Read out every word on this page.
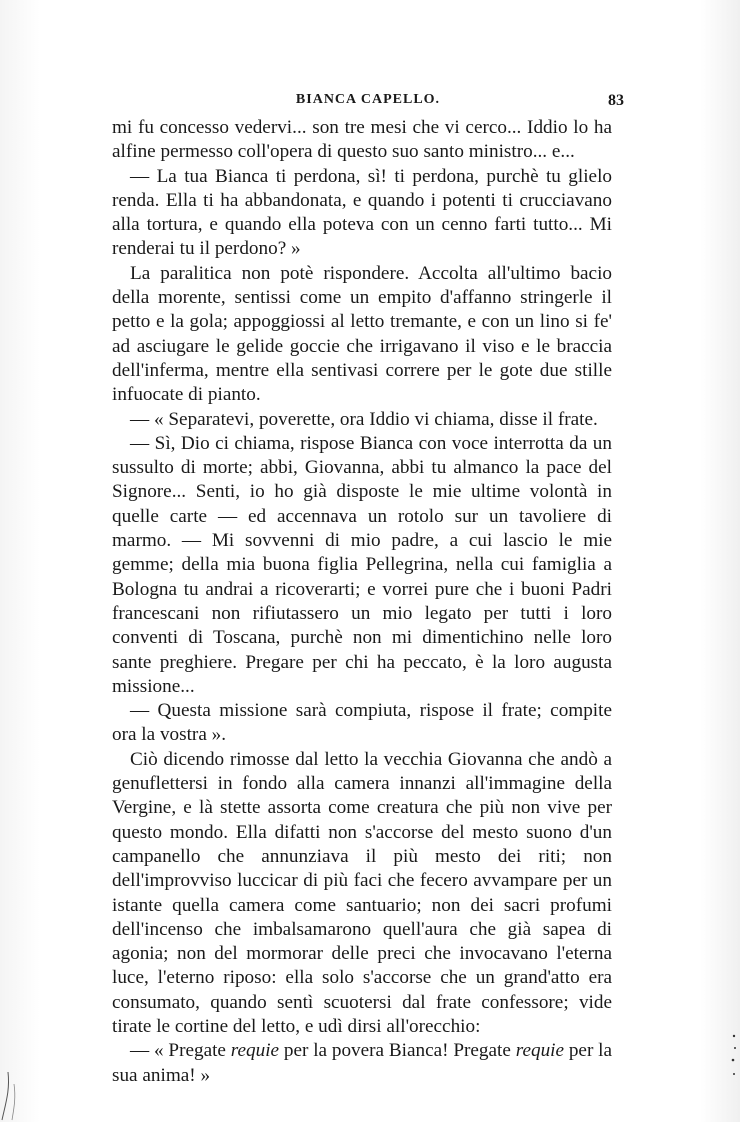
BIANCA CAPELLO.	83

mi fu concesso vedervi... son tre mesi che vi cerco... Iddio lo ha alfine permesso coll'opera di questo suo santo ministro... e...

— La tua Bianca ti perdona, sì! ti perdona, purchè tu glielo renda. Ella ti ha abbandonata, e quando i potenti ti crucciavano alla tortura, e quando ella poteva con un cenno farti tutto... Mi renderai tu il perdono? »

La paralitica non potè rispondere. Accolta all'ultimo bacio della morente, sentissi come un empito d'affanno stringerle il petto e la gola; appoggiossi al letto tremante, e con un lino si fe' ad asciugare le gelide goccie che irrigavano il viso e le braccia dell'inferma, mentre ella sentivasi correre per le gote due stille infuocate di pianto.

— « Separatevi, poverette, ora Iddio vi chiama, disse il frate.

— Sì, Dio ci chiama, rispose Bianca con voce interrotta da un sussulto di morte; abbi, Giovanna, abbi tu almanco la pace del Signore... Senti, io ho già disposte le mie ultime volontà in quelle carte — ed accennava un rotolo sur un tavoliere di marmo. — Mi sovvenni di mio padre, a cui lascio le mie gemme; della mia buona figlia Pellegrina, nella cui famiglia a Bologna tu andrai a ricoverarti; e vorrei pure che i buoni Padri francescani non rifiutassero un mio legato per tutti i loro conventi di Toscana, purchè non mi dimentichino nelle loro sante preghiere. Pregare per chi ha peccato, è la loro augusta missione...

— Questa missione sarà compiuta, rispose il frate; compite ora la vostra ».

Ciò dicendo rimosse dal letto la vecchia Giovanna che andò a genuflettersi in fondo alla camera innanzi all'immagine della Vergine, e là stette assorta come creatura che più non vive per questo mondo. Ella difatti non s'accorse del mesto suono d'un campanello che annunziava il più mesto dei riti; non dell'improvviso luccicar di più faci che fecero avvampare per un istante quella camera come santuario; non dei sacri profumi dell'incenso che imbalsamarono quell'aura che già sapea di agonia; non del mormorar delle preci che invocavano l'eterna luce, l'eterno riposo: ella solo s'accorse che un grand'atto era consumato, quando sentì scuotersi dal frate confessore; vide tirate le cortine del letto, e udì dirsi all'orecchio:

— « Pregate requie per la povera Bianca! Pregate requie per la sua anima! »
